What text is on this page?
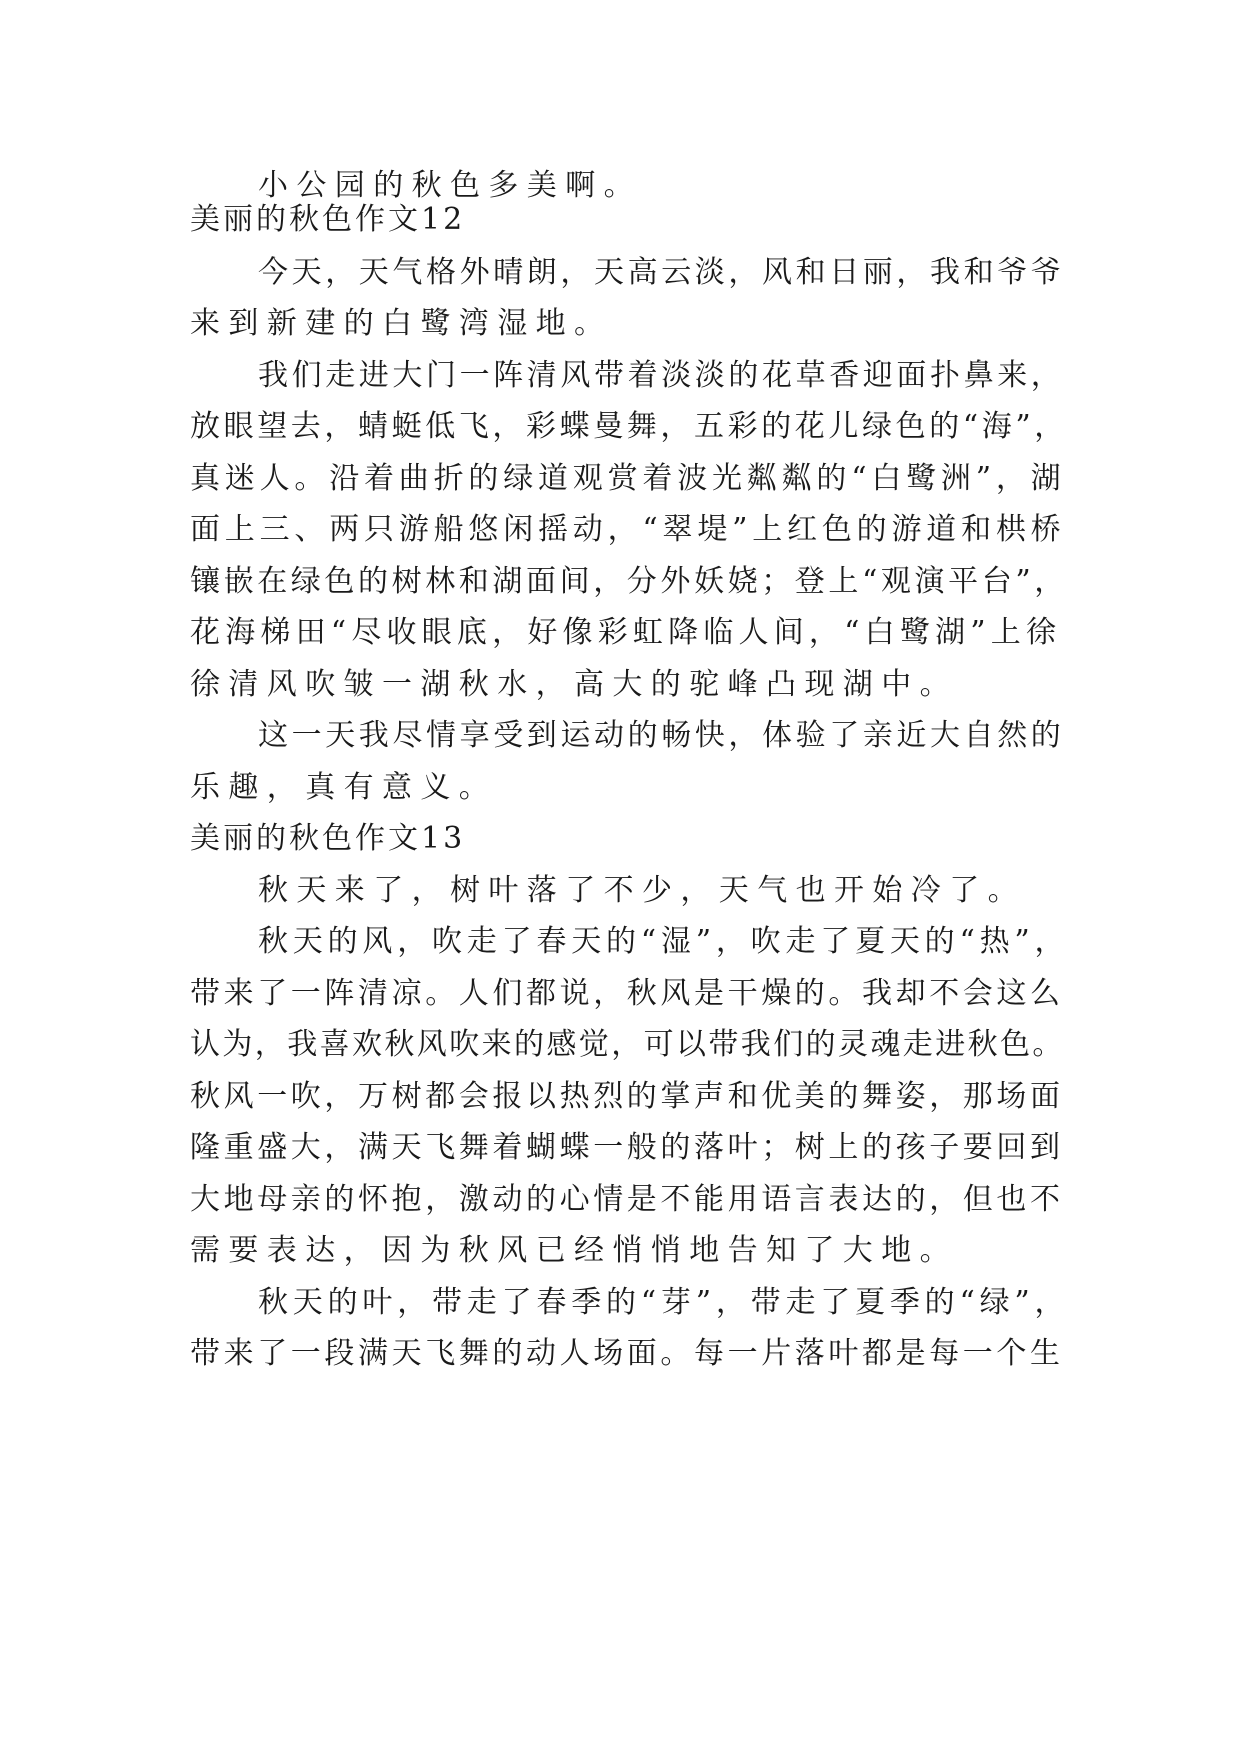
小公园的秋色多美啊。
美丽的秋色作文12
今天，天气格外晴朗，天高云淡，风和日丽，我和爷爷
来到新建的白鹭湾湿地。
我们走进大门一阵清风带着淡淡的花草香迎面扑鼻来，
放眼望去，蜻蜓低飞，彩蝶曼舞，五彩的花儿绿色的“海”，
真迷人。沿着曲折的绿道观赏着波光粼粼的“白鹭洲”，湖
面上三、两只游船悠闲摇动，“翠堤”上红色的游道和栱桥
镶嵌在绿色的树林和湖面间，分外妖娆；登上“观演平台”，
花海梯田“尽收眼底，好像彩虹降临人间，“白鹭湖”上徐
徐清风吹皱一湖秋水，高大的驼峰凸现湖中。
这一天我尽情享受到运动的畅快，体验了亲近大自然的
乐趣，真有意义。
美丽的秋色作文13
秋天来了，树叶落了不少，天气也开始冷了。
秋天的风，吹走了春天的“湿”，吹走了夏天的“热”，
带来了一阵清凉。人们都说，秋风是干燥的。我却不会这么
认为，我喜欢秋风吹来的感觉，可以带我们的灵魂走进秋色。
秋风一吹，万树都会报以热烈的掌声和优美的舞姿，那场面
隆重盛大，满天飞舞着蝴蝶一般的落叶；树上的孩子要回到
大地母亲的怀抱，激动的心情是不能用语言表达的，但也不
需要表达，因为秋风已经悄悄地告知了大地。
秋天的叶，带走了春季的“芽”，带走了夏季的“绿”，
带来了一段满天飞舞的动人场面。每一片落叶都是每一个生
